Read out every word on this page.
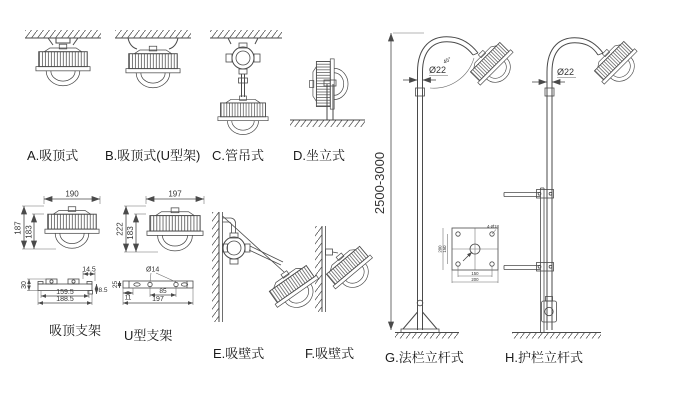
A.吸顶式 B.吸顶式(U型架) C.管吊式 D.坐立式
190
187 183
14.5
30
159.5
188.5
8.5
吸顶支架
197
222 183
Ø14
25
11
85
197
U型支架
E.吸壁式	F.吸壁式
2500-3000
Ø22
45°
150
200
150
200
4-Ø18
G.法栏立杆式
Ø22
H.护栏立杆式
